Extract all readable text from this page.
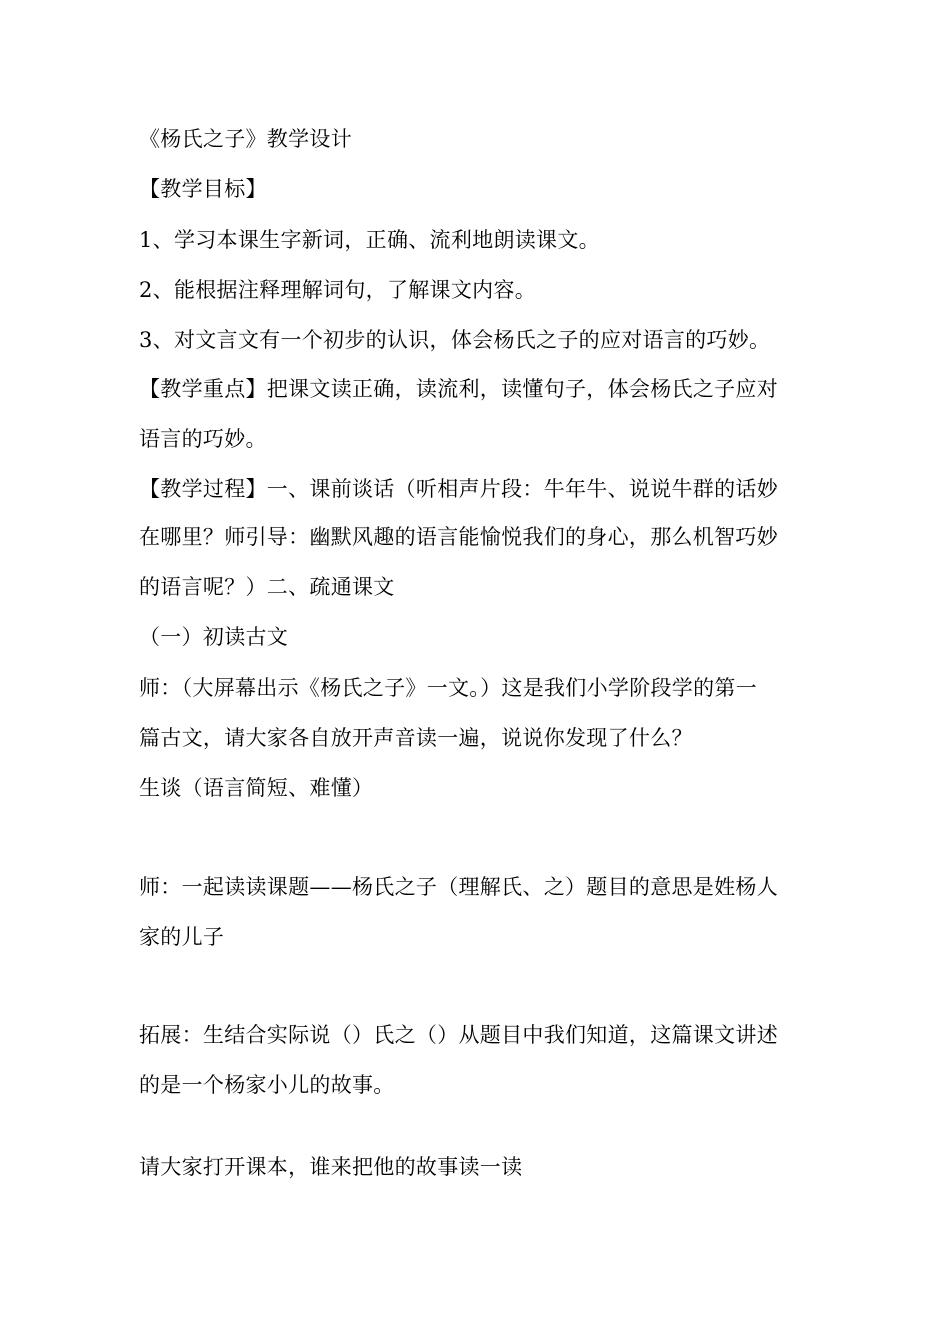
《杨氏之子》教学设计
【教学目标】
1、学习本课生字新词，正确、流利地朗读课文。
2、能根据注释理解词句，了解课文内容。
3、对文言文有一个初步的认识，体会杨氏之子的应对语言的巧妙。
【教学重点】把课文读正确，读流利，读懂句子，体会杨氏之子应对
语言的巧妙。
【教学过程】一、课前谈话（听相声片段：牛年牛、说说牛群的话妙
在哪里？师引导：幽默风趣的语言能愉悦我们的身心，那么机智巧妙
的语言呢？）二、疏通课文
（一）初读古文
师：（大屏幕出示《杨氏之子》一文。）这是我们小学阶段学的第一
篇古文，请大家各自放开声音读一遍，说说你发现了什么？
生谈（语言简短、难懂）
师：一起读读课题——杨氏之子（理解氏、之）题目的意思是姓杨人
家的儿子
拓展：生结合实际说（）氏之（）从题目中我们知道，这篇课文讲述
的是一个杨家小儿的故事。
请大家打开课本，谁来把他的故事读一读
